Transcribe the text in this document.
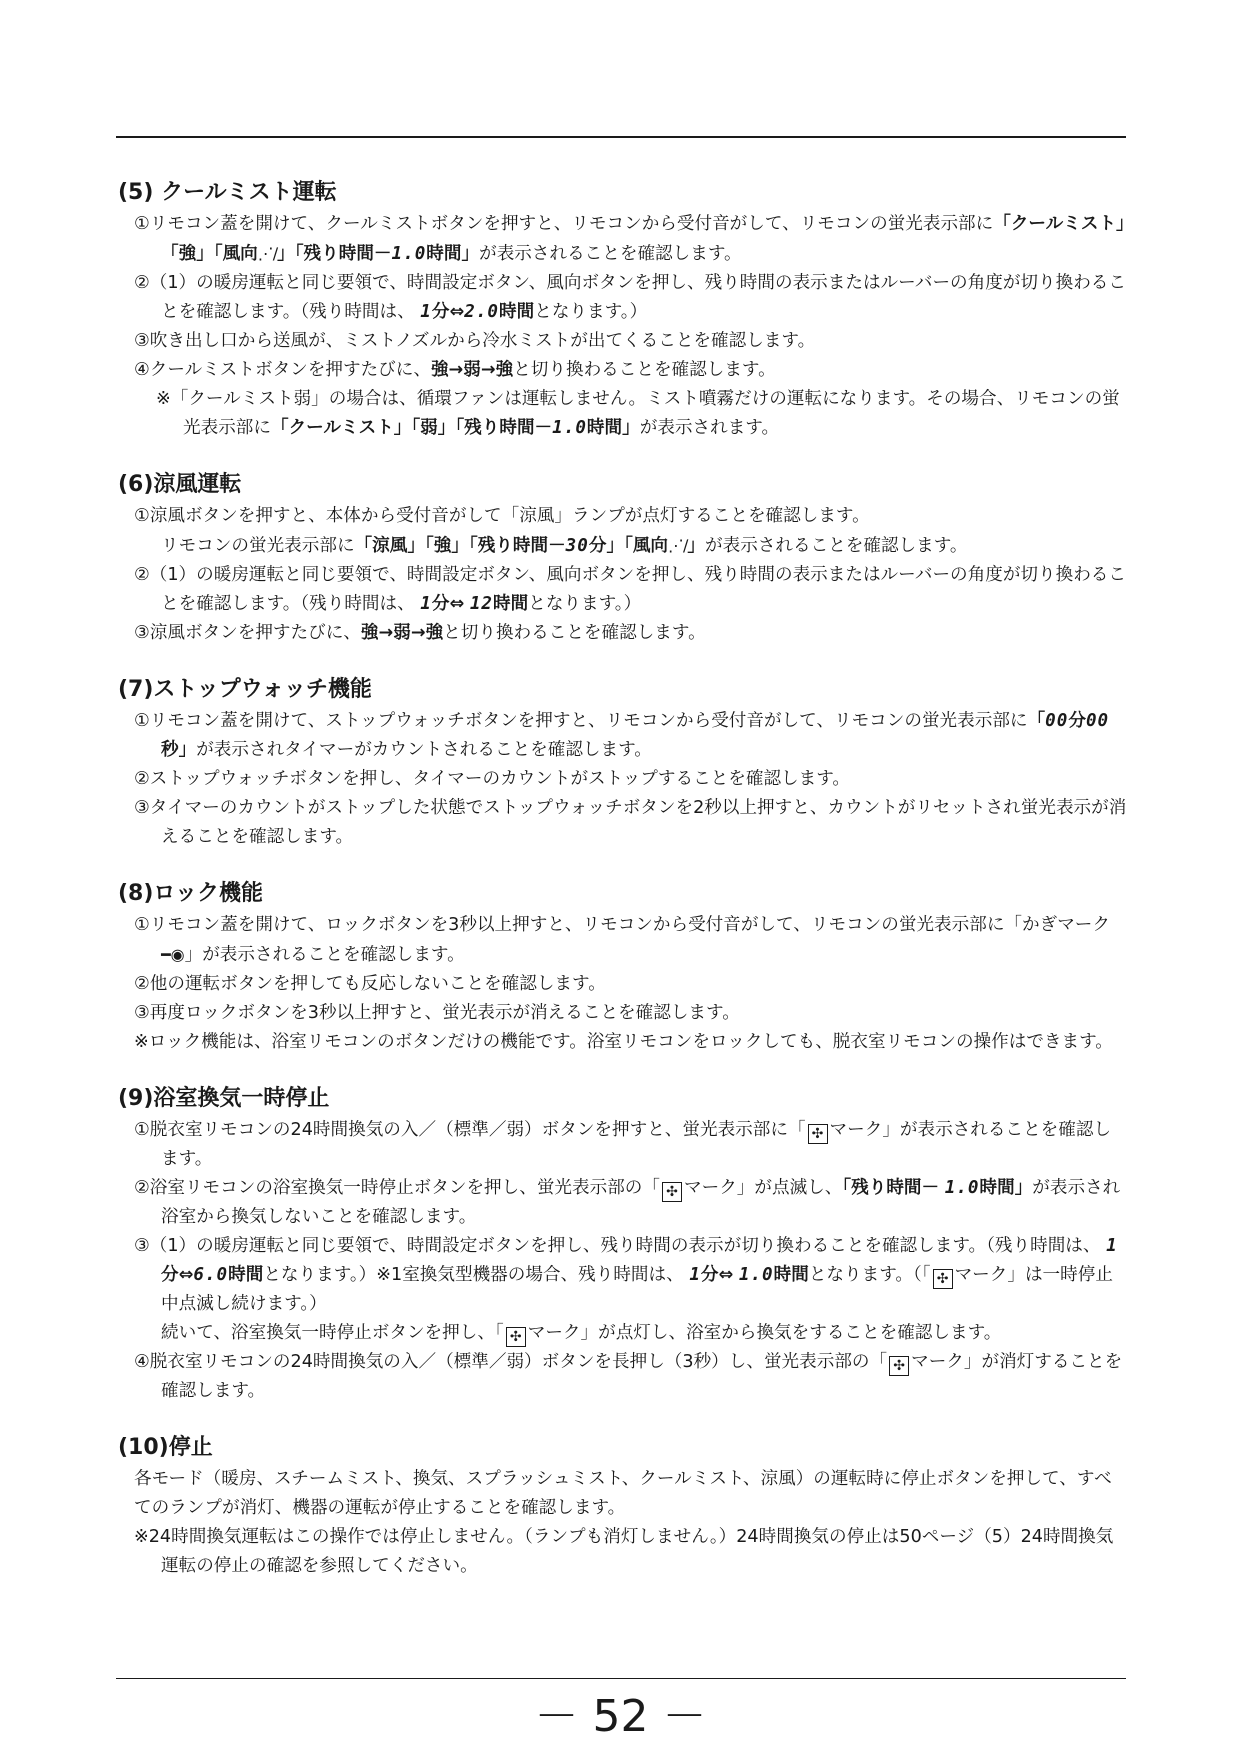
(5) クールミスト運転
①リモコン蓋を開けて、クールミストボタンを押すと、リモコンから受付音がして、リモコンの蛍光表示部に「クールミスト」「強」「風向⋰∕」「残り時間－1.0時間」が表示されることを確認します。
②（1）の暖房運転と同じ要領で、時間設定ボタン、風向ボタンを押し、残り時間の表示またはルーバーの角度が切り換わることを確認します。（残り時間は、 1分⇔2.0時間となります。）
③吹き出し口から送風が、ミストノズルから冷水ミストが出てくることを確認します。
④クールミストボタンを押すたびに、強→弱→強と切り換わることを確認します。
※「クールミスト弱」の場合は、循環ファンは運転しません。ミスト噴霧だけの運転になります。その場合、リモコンの蛍光表示部に「クールミスト」「弱」「残り時間－1.0時間」が表示されます。
(6)涼風運転
①涼風ボタンを押すと、本体から受付音がして「涼風」ランプが点灯することを確認します。
リモコンの蛍光表示部に「涼風」「強」「残り時間－30分」「風向⋰∕」が表示されることを確認します。
②（1）の暖房運転と同じ要領で、時間設定ボタン、風向ボタンを押し、残り時間の表示またはルーバーの角度が切り換わることを確認します。（残り時間は、 1分⇔ 12時間となります。）
③涼風ボタンを押すたびに、強→弱→強と切り換わることを確認します。
(7)ストップウォッチ機能
①リモコン蓋を開けて、ストップウォッチボタンを押すと、リモコンから受付音がして、リモコンの蛍光表示部に「00分00秒」が表示されタイマーがカウントされることを確認します。
②ストップウォッチボタンを押し、タイマーのカウントがストップすることを確認します。
③タイマーのカウントがストップした状態でストップウォッチボタンを2秒以上押すと、カウントがリセットされ蛍光表示が消えることを確認します。
(8)ロック機能
①リモコン蓋を開けて、ロックボタンを3秒以上押すと、リモコンから受付音がして、リモコンの蛍光表示部に「かぎマーク━◉」が表示されることを確認します。
②他の運転ボタンを押しても反応しないことを確認します。
③再度ロックボタンを3秒以上押すと、蛍光表示が消えることを確認します。
※ロック機能は、浴室リモコンのボタンだけの機能です。浴室リモコンをロックしても、脱衣室リモコンの操作はできます。
(9)浴室換気一時停止
①脱衣室リモコンの24時間換気の入／（標準／弱）ボタンを押すと、蛍光表示部に「 ✣ マーク」が表示されることを確認します。
②浴室リモコンの浴室換気一時停止ボタンを押し、蛍光表示部の「 ✣ マーク」が点滅し、「残り時間－ 1.0時間」が表示され浴室から換気しないことを確認します。
③（1）の暖房運転と同じ要領で、時間設定ボタンを押し、残り時間の表示が切り換わることを確認します。（残り時間は、 1分⇔6.0時間となります。）※1室換気型機器の場合、残り時間は、 1分⇔ 1.0時間となります。（「 ✣ マーク」は一時停止中点滅し続けます。）
続いて、浴室換気一時停止ボタンを押し、「 ✣ マーク」が点灯し、浴室から換気をすることを確認します。
④脱衣室リモコンの24時間換気の入／（標準／弱）ボタンを長押し（3秒）し、蛍光表示部の「 ✣ マーク」が消灯することを確認します。
(10)停止
各モード（暖房、スチームミスト、換気、スプラッシュミスト、クールミスト、涼風）の運転時に停止ボタンを押して、すべてのランプが消灯、機器の運転が停止することを確認します。
※24時間換気運転はこの操作では停止しません。（ランプも消灯しません。）24時間換気の停止は50ページ（5）24時間換気運転の停止の確認を参照してください。
－ 52 －
